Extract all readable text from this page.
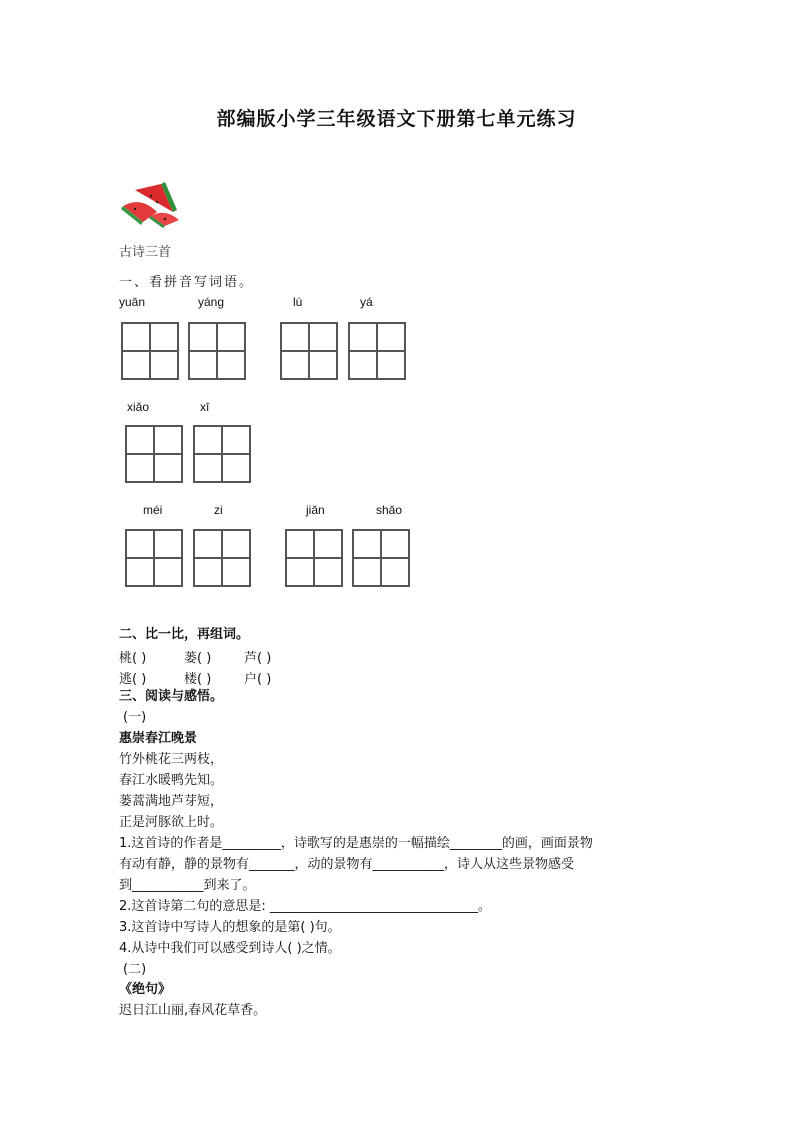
部编版小学三年级语文下册第七单元练习
古诗三首
一、看拼音写词语。
yuān	yáng	lú	yá
xiǎo	xī
méi	zi	jiǎn	shǎo
二、比一比，再组词。
桃( )	蒌( )	芦( )
逃( )	楼( )	户( )
三、阅读与感悟。
(一)
惠崇春江晚景
竹外桃花三两枝，
春江水暖鸭先知。
蒌蒿满地芦芽短，
正是河豚欲上时。
1.这首诗的作者是_________，诗歌写的是惠崇的一幅描绘________的画，画面景物
有动有静，静的景物有_______，动的景物有___________，诗人从这些景物感受
到___________到来了。
2.这首诗第二句的意思是: ________________________________。
3.这首诗中写诗人的想象的是第( )句。
4.从诗中我们可以感受到诗人( )之情。
(二)
《绝句》
迟日江山丽,春风花草香。
